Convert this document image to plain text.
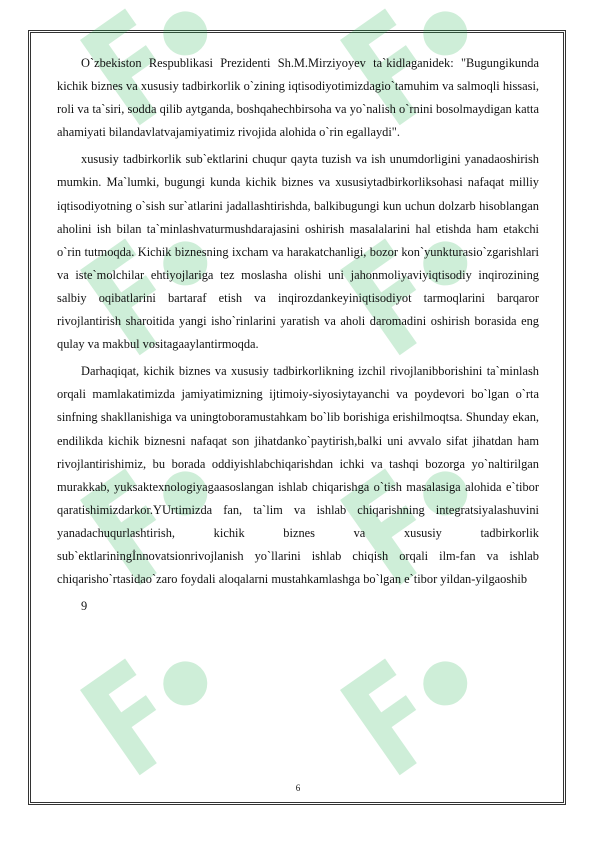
O`zbekiston Respublikasi Prezidenti Sh.M.Mirziyoyev ta`kidlaganidek: "Bugungikunda kichik biznes va xususiy tadbirkorlik o`zining iqtisodiyotimizdagio`tamuhim va salmoqli hissasi, roli va ta`siri, sodda qilib aytganda, boshqahechbirsoha va yo`nalish o`rnini bosolmaydigan katta ahamiyati bilandavlatvajamiyatimiz rivojida alohida o`rin egallaydi".

xususiy tadbirkorlik sub`ektlarini chuqur qayta tuzish va ish unumdorligini yanadaoshirish mumkin. Ma`lumki, bugungi kunda kichik biznes va xususiytadbirkorliksohasi nafaqat milliy iqtisodiyotning o`sish sur`atlarini jadallashtirishda, balkibugungi kun uchun dolzarb hisoblangan aholini ish bilan ta`minlashvaturmushdarajasini oshirish masalalarini hal etishda ham etakchi o`rin tutmoqda. Kichik biznesning ixcham va harakatchanligi, bozor kon`yunkturasio`zgarishlari va iste`molchilar ehtiyojlariga tez moslasha olishi uni jahonmoliyaviyiqtisodiy inqirozining salbiy oqibatlarini bartaraf etish va inqirozdankeyiniqtisodiyot tarmoqlarini barqaror rivojlantirish sharoitida yangi isho`rinlarini yaratish va aholi daromadini oshirish borasida eng qulay va makbul vositagaaylantirmoqda.

Darhaqiqat, kichik biznes va xususiy tadbirkorlikning izchil rivojlanibborishini ta`minlash orqali mamlakatimizda jamiyatimizning ijtimoiy-siyosiytayanchi va poydevori bo`lgan o`rta sinfning shakllanishiga va uningtoboramustahkam bo`lib borishiga erishilmoqtsa. Shunday ekan, endilikda kichik biznesni nafaqat son jihatdanko`paytirish,balki uni avvalo sifat jihatdan ham rivojlantirishimiz, bu borada oddiyishlabchiqarishdan ichki va tashqi bozorga yo`naltirilgan murakkab, yuksaktexnologiyagaasoslangan ishlab chiqarishga o`tish masalasiga alohida e`tibor qaratishimizdarkor.YUrtimizda fan, ta`lim va ishlab chiqarishning integratsiyalashuvini yanadachuqurlashtirish, kichik biznes va xususiy tadbirkorlik sub`ektlariningİnnovatsionrivojlanish yo`llarini ishlab chiqish orqali ilm-fan va ishlab chiqarisho`rtasidao`zaro foydali aloqalarni mustahkamlashga bo`lgan e`tibor yildan-yilgaoshib

9

6
